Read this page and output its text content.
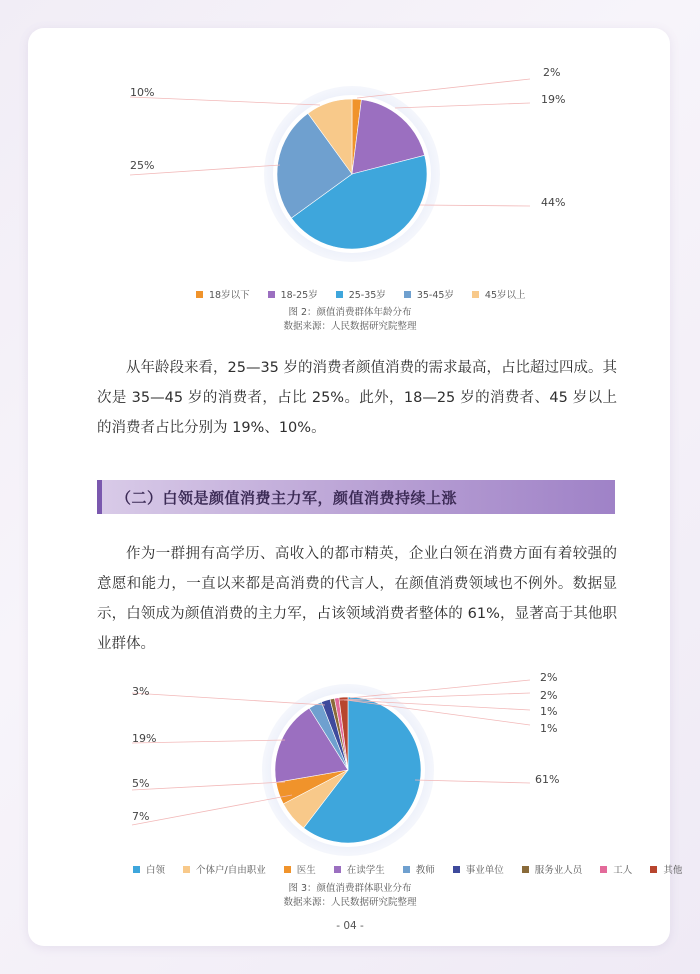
2%
19%
44%
25%
10%
18岁以下	18-25岁	25-35岁	35-45岁	45岁以上
图 2：颜值消费群体年龄分布
数据来源：人民数据研究院整理

从年龄段来看，25—35 岁的消费者颜值消费的需求最高，占比超过四成。其次是 35—45 岁的消费者，占比 25%。此外，18—25 岁的消费者、45 岁以上的消费者占比分别为 19%、10%。

（二）白领是颜值消费主力军，颜值消费持续上涨

作为一群拥有高学历、高收入的都市精英，企业白领在消费方面有着较强的意愿和能力，一直以来都是高消费的代言人，在颜值消费领域也不例外。数据显示，白领成为颜值消费的主力军，占该领域消费者整体的 61%，显著高于其他职业群体。

61%
7%
5%
19%
3%	2%
1%
1%
2%
白领	个体户/自由职业	医生	在读学生	教师	事业单位	服务业人员	工人	其他
图 3：颜值消费群体职业分布
数据来源：人民数据研究院整理
- 04 -
